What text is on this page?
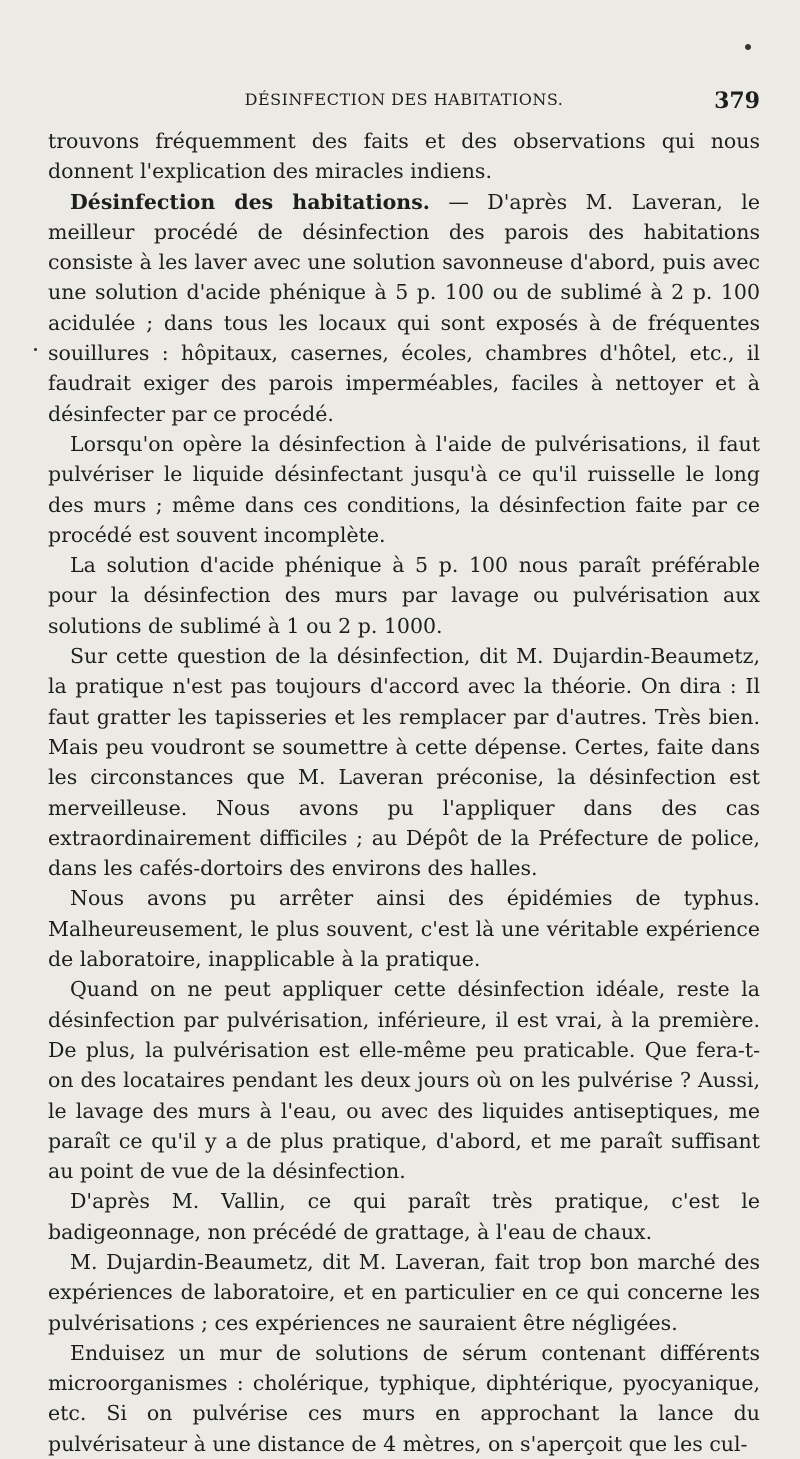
DÉSINFECTION DES HABITATIONS.	379

trouvons fréquemment des faits et des observations qui nous donnent l'explication des miracles indiens.

Désinfection des habitations. — D'après M. Laveran, le meilleur procédé de désinfection des parois des habitations consiste à les laver avec une solution savonneuse d'abord, puis avec une solution d'acide phénique à 5 p. 100 ou de sublimé à 2 p. 100 acidulée ; dans tous les locaux qui sont exposés à de fréquentes souillures : hôpitaux, casernes, écoles, chambres d'hôtel, etc., il faudrait exiger des parois imperméables, faciles à nettoyer et à désinfecter par ce procédé.

Lorsqu'on opère la désinfection à l'aide de pulvérisations, il faut pulvériser le liquide désinfectant jusqu'à ce qu'il ruisselle le long des murs ; même dans ces conditions, la désinfection faite par ce procédé est souvent incomplète.

La solution d'acide phénique à 5 p. 100 nous paraît préférable pour la désinfection des murs par lavage ou pulvérisation aux solutions de sublimé à 1 ou 2 p. 1000.

Sur cette question de la désinfection, dit M. Dujardin-Beaumetz, la pratique n'est pas toujours d'accord avec la théorie. On dira : Il faut gratter les tapisseries et les remplacer par d'autres. Très bien. Mais peu voudront se soumettre à cette dépense. Certes, faite dans les circonstances que M. Laveran préconise, la désinfection est merveilleuse. Nous avons pu l'appliquer dans des cas extraordinairement difficiles ; au Dépôt de la Préfecture de police, dans les cafés-dortoirs des environs des halles.

Nous avons pu arrêter ainsi des épidémies de typhus. Malheureusement, le plus souvent, c'est là une véritable expérience de laboratoire, inapplicable à la pratique.

Quand on ne peut appliquer cette désinfection idéale, reste la désinfection par pulvérisation, inférieure, il est vrai, à la première. De plus, la pulvérisation est elle-même peu praticable. Que fera-t-on des locataires pendant les deux jours où on les pulvérise ? Aussi, le lavage des murs à l'eau, ou avec des liquides antiseptiques, me paraît ce qu'il y a de plus pratique, d'abord, et me paraît suffisant au point de vue de la désinfection.

D'après M. Vallin, ce qui paraît très pratique, c'est le badigeonnage, non précédé de grattage, à l'eau de chaux.

M. Dujardin-Beaumetz, dit M. Laveran, fait trop bon marché des expériences de laboratoire, et en particulier en ce qui concerne les pulvérisations ; ces expériences ne sauraient être négligées.

Enduisez un mur de solutions de sérum contenant différents microorganismes : cholérique, typhique, diphtérique, pyocyanique, etc. Si on pulvérise ces murs en approchant la lance du pulvérisateur à une distance de 4 mètres, on s'aperçoit que les cul-
